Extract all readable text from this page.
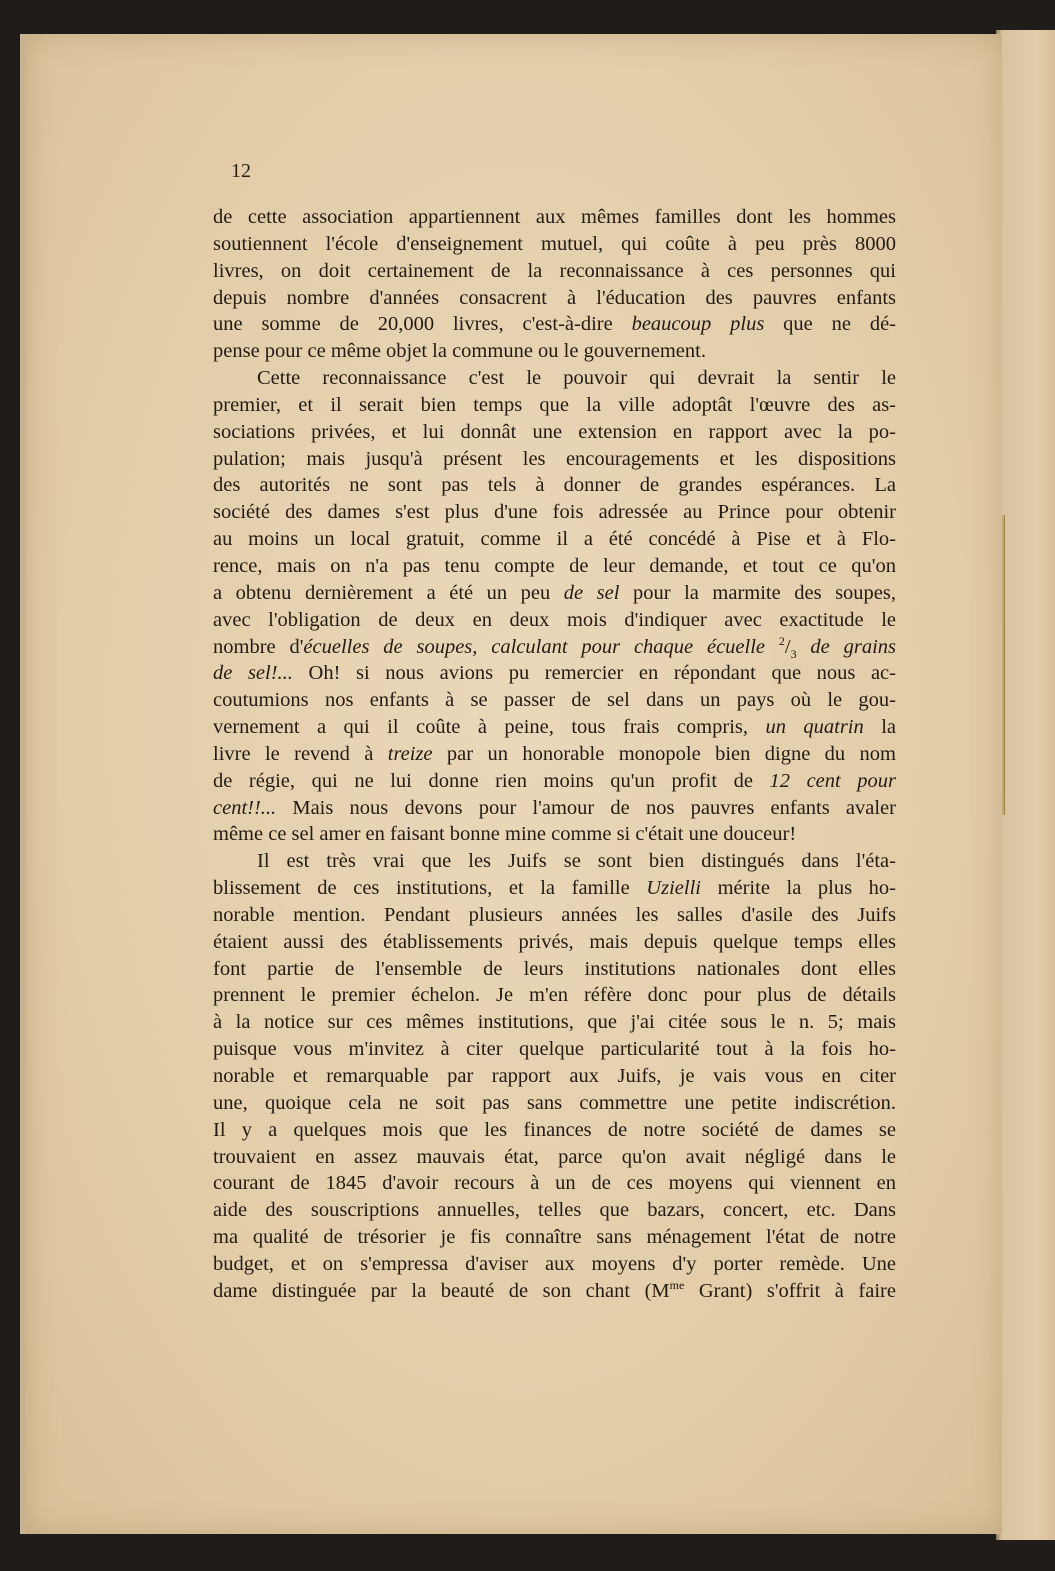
12
de cette association appartiennent aux mêmes familles dont les hommes
soutiennent l'école d'enseignement mutuel, qui coûte à peu près 8000
livres, on doit certainement de la reconnaissance à ces personnes qui
depuis nombre d'années consacrent à l'éducation des pauvres enfants
une somme de 20,000 livres, c'est-à-dire beaucoup plus que ne dé-
pense pour ce même objet la commune ou le gouvernement.
Cette reconnaissance c'est le pouvoir qui devrait la sentir le
premier, et il serait bien temps que la ville adoptât l'œuvre des as-
sociations privées, et lui donnât une extension en rapport avec la po-
pulation; mais jusqu'à présent les encouragements et les dispositions
des autorités ne sont pas tels à donner de grandes espérances. La
société des dames s'est plus d'une fois adressée au Prince pour obtenir
au moins un local gratuit, comme il a été concédé à Pise et à Flo-
rence, mais on n'a pas tenu compte de leur demande, et tout ce qu'on
a obtenu dernièrement a été un peu de sel pour la marmite des soupes,
avec l'obligation de deux en deux mois d'indiquer avec exactitude le
nombre d'écuelles de soupes, calculant pour chaque écuelle $^2/_3$ de grains
de sel!... Oh! si nous avions pu remercier en répondant que nous ac-
coutumions nos enfants à se passer de sel dans un pays où le gou-
vernement a qui il coûte à peine, tous frais compris, un quatrin la
livre le revend à treize par un honorable monopole bien digne du nom
de régie, qui ne lui donne rien moins qu'un profit de 12 cent pour
cent!!... Mais nous devons pour l'amour de nos pauvres enfants avaler
même ce sel amer en faisant bonne mine comme si c'était une douceur!
Il est très vrai que les Juifs se sont bien distingués dans l'éta-
blissement de ces institutions, et la famille Uzielli mérite la plus ho-
norable mention. Pendant plusieurs années les salles d'asile des Juifs
étaient aussi des établissements privés, mais depuis quelque temps elles
font partie de l'ensemble de leurs institutions nationales dont elles
prennent le premier échelon. Je m'en réfère donc pour plus de détails
à la notice sur ces mêmes institutions, que j'ai citée sous le n. 5; mais
puisque vous m'invitez à citer quelque particularité tout à la fois ho-
norable et remarquable par rapport aux Juifs, je vais vous en citer
une, quoique cela ne soit pas sans commettre une petite indiscrétion.
Il y a quelques mois que les finances de notre société de dames se
trouvaient en assez mauvais état, parce qu'on avait négligé dans le
courant de 1845 d'avoir recours à un de ces moyens qui viennent en
aide des souscriptions annuelles, telles que bazars, concert, etc. Dans
ma qualité de trésorier je fis connaître sans ménagement l'état de notre
budget, et on s'empressa d'aviser aux moyens d'y porter remède. Une
dame distinguée par la beauté de son chant ($M^{me}$ Grant) s'offrit à faire
